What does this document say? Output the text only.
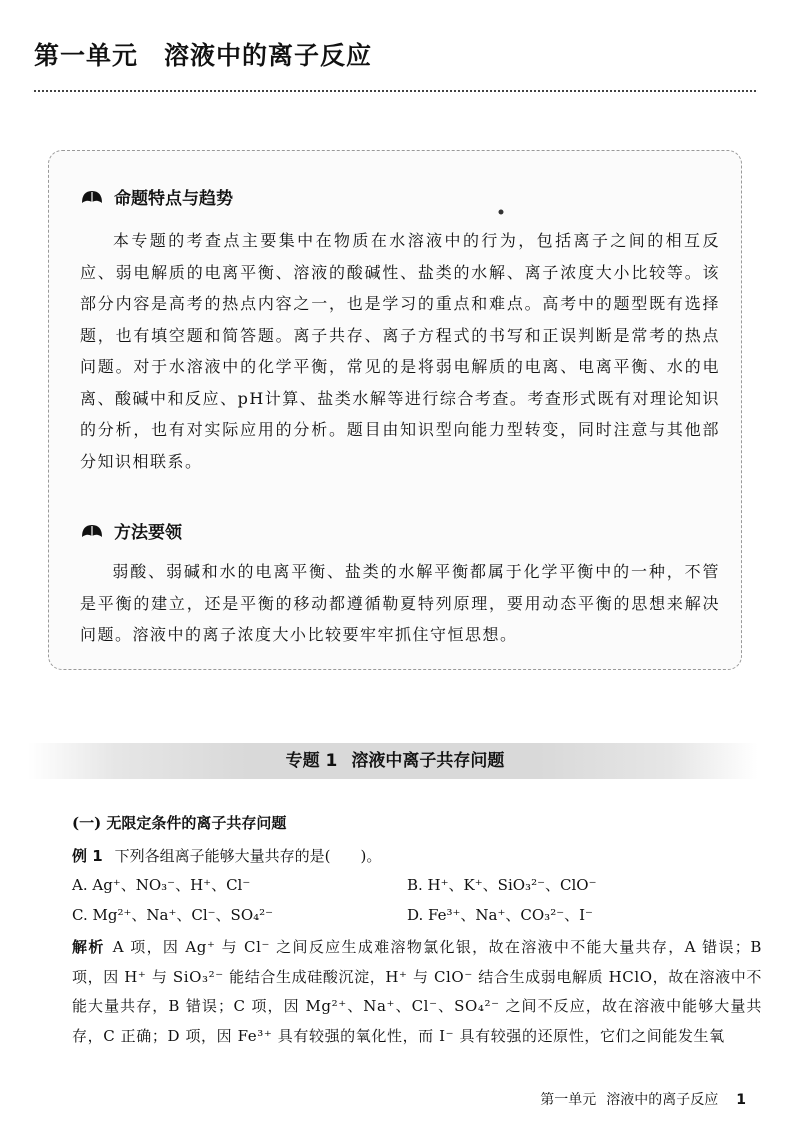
第一单元 溶液中的离子反应
命题特点与趋势
本专题的考查点主要集中在物质在水溶液中的行为，包括离子之间的相互反应、弱电解质的电离平衡、溶液的酸碱性、盐类的水解、离子浓度大小比较等。该部分内容是高考的热点内容之一，也是学习的重点和难点。高考中的题型既有选择题，也有填空题和简答题。离子共存、离子方程式的书写和正误判断是常考的热点问题。对于水溶液中的化学平衡，常见的是将弱电解质的电离、电离平衡、水的电离、酸碱中和反应、pH计算、盐类水解等进行综合考查。考查形式既有对理论知识的分析，也有对实际应用的分析。题目由知识型向能力型转变，同时注意与其他部分知识相联系。
方法要领
弱酸、弱碱和水的电离平衡、盐类的水解平衡都属于化学平衡中的一种，不管是平衡的建立，还是平衡的移动都遵循勒夏特列原理，要用动态平衡的思想来解决问题。溶液中的离子浓度大小比较要牢牢抓住守恒思想。
专题 1 溶液中离子共存问题
(一) 无限定条件的离子共存问题
例 1 下列各组离子能够大量共存的是(　　)。
A. Ag⁺、NO₃⁻、H⁺、Cl⁻	B. H⁺、K⁺、SiO₃²⁻、ClO⁻
C. Mg²⁺、Na⁺、Cl⁻、SO₄²⁻	D. Fe³⁺、Na⁺、CO₃²⁻、I⁻
解析 A 项，因 Ag⁺ 与 Cl⁻ 之间反应生成难溶物氯化银，故在溶液中不能大量共存，A 错误；B 项，因 H⁺ 与 SiO₃²⁻ 能结合生成硅酸沉淀，H⁺ 与 ClO⁻ 结合生成弱电解质 HClO，故在溶液中不能大量共存，B 错误；C 项，因 Mg²⁺、Na⁺、Cl⁻、SO₄²⁻ 之间不反应，故在溶液中能够大量共存，C 正确；D 项，因 Fe³⁺ 具有较强的氧化性，而 I⁻ 具有较强的还原性，它们之间能发生氧
第一单元 溶液中的离子反应 1
